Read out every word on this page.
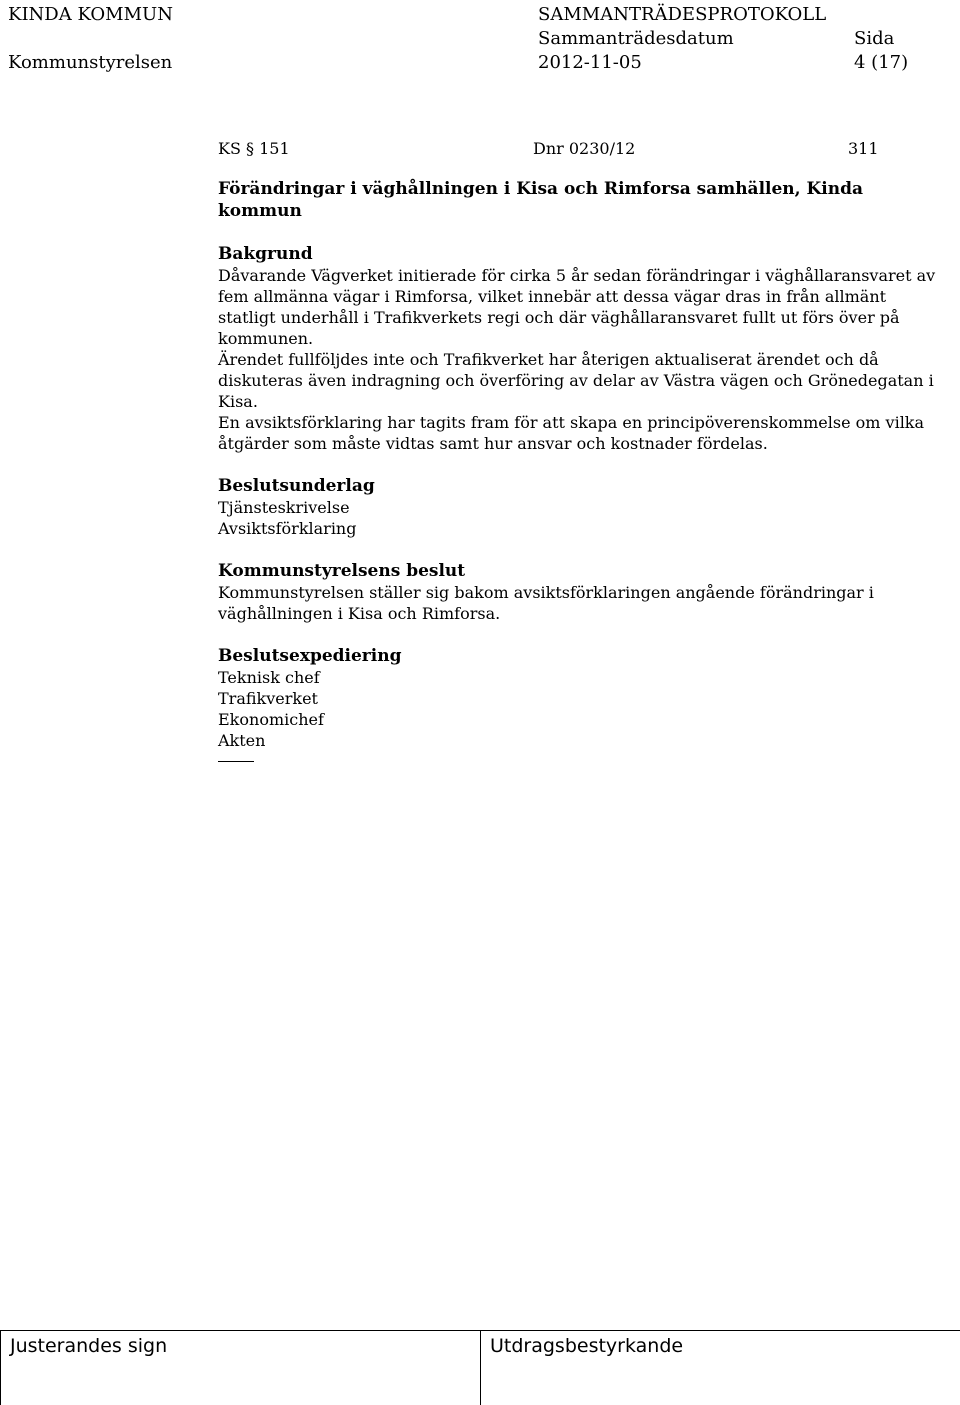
KINDA KOMMUN
Kommunstyrelsen
SAMMANTRÄDESPROTOKOLL
Sammanträdesdatum
2012-11-05
Sida
4 (17)
KS § 151	Dnr 0230/12	311
Förändringar i väghållningen i Kisa och Rimforsa samhällen, Kinda
kommun
Bakgrund

Dåvarande Vägverket initierade för cirka 5 år sedan förändringar i väghållaransvaret av fem allmänna vägar i Rimforsa, vilket innebär att dessa vägar dras in från allmänt statligt underhåll i Trafikverkets regi och där väghållaransvaret fullt ut förs över på kommunen.

Ärendet fullföljdes inte och Trafikverket har återigen aktualiserat ärendet och då diskuteras även indragning och överföring av delar av Västra vägen och Grönedegatan i Kisa.

En avsiktsförklaring har tagits fram för att skapa en principöverenskommelse om vilka åtgärder som måste vidtas samt hur ansvar och kostnader fördelas.

Beslutsunderlag
Tjänsteskrivelse
Avsiktsförklaring
Kommunstyrelsens beslut

Kommunstyrelsen ställer sig bakom avsiktsförklaringen angående förändringar i väghållningen i Kisa och Rimforsa.

Beslutsexpediering
Teknisk chef
Trafikverket
Ekonomichef
Akten
Justerandes sign	Utdragsbestyrkande
